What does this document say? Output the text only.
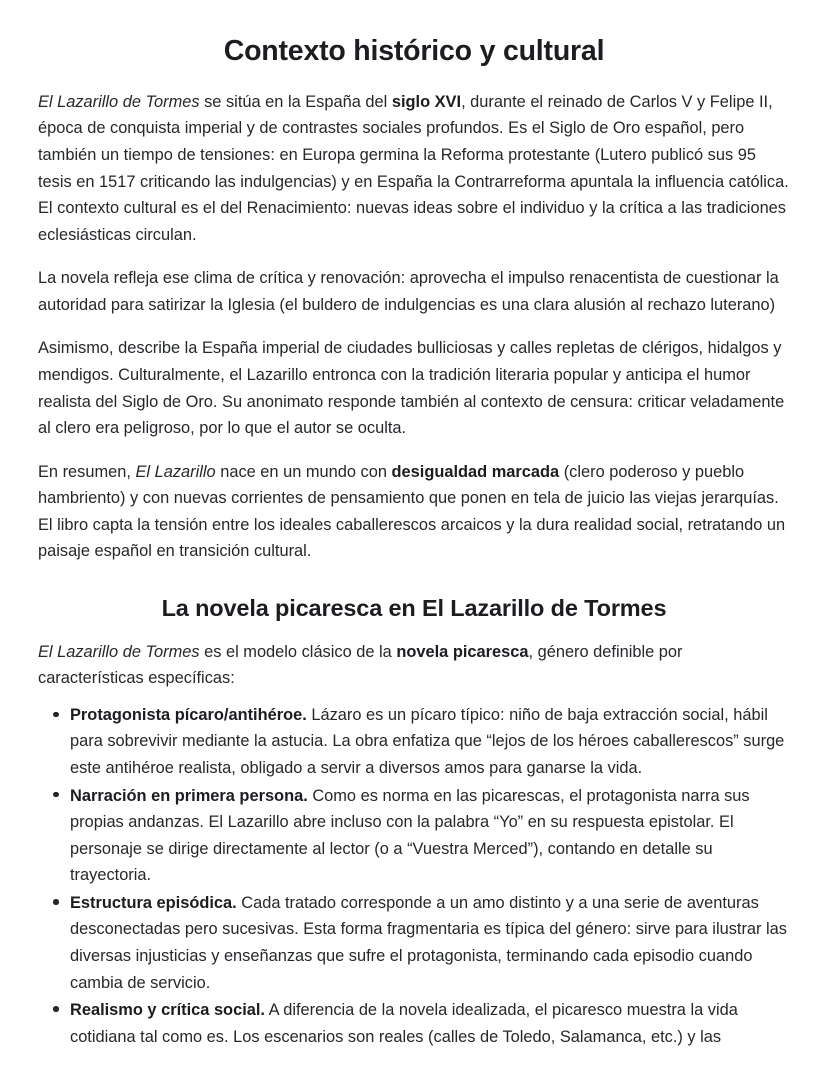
Contexto histórico y cultural

El Lazarillo de Tormes se sitúa en la España del siglo XVI, durante el reinado de Carlos V y Felipe II, época de conquista imperial y de contrastes sociales profundos. Es el Siglo de Oro español, pero también un tiempo de tensiones: en Europa germina la Reforma protestante (Lutero publicó sus 95 tesis en 1517 criticando las indulgencias) y en España la Contrarreforma apuntala la influencia católica. El contexto cultural es el del Renacimiento: nuevas ideas sobre el individuo y la crítica a las tradiciones eclesiásticas circulan.

La novela refleja ese clima de crítica y renovación: aprovecha el impulso renacentista de cuestionar la autoridad para satirizar la Iglesia (el buldero de indulgencias es una clara alusión al rechazo luterano)

Asimismo, describe la España imperial de ciudades bulliciosas y calles repletas de clérigos, hidalgos y mendigos. Culturalmente, el Lazarillo entronca con la tradición literaria popular y anticipa el humor realista del Siglo de Oro. Su anonimato responde también al contexto de censura: criticar veladamente al clero era peligroso, por lo que el autor se oculta.

En resumen, El Lazarillo nace en un mundo con desigualdad marcada (clero poderoso y pueblo hambriento) y con nuevas corrientes de pensamiento que ponen en tela de juicio las viejas jerarquías. El libro capta la tensión entre los ideales caballerescos arcaicos y la dura realidad social, retratando un paisaje español en transición cultural.

La novela picaresca en El Lazarillo de Tormes

El Lazarillo de Tormes es el modelo clásico de la novela picaresca, género definible por características específicas:

Protagonista pícaro/antihéroe. Lázaro es un pícaro típico: niño de baja extracción social, hábil para sobrevivir mediante la astucia. La obra enfatiza que “lejos de los héroes caballerescos” surge este antihéroe realista, obligado a servir a diversos amos para ganarse la vida.
Narración en primera persona. Como es norma en las picarescas, el protagonista narra sus propias andanzas. El Lazarillo abre incluso con la palabra “Yo” en su respuesta epistolar. El personaje se dirige directamente al lector (o a “Vuestra Merced”), contando en detalle su trayectoria.
Estructura episódica. Cada tratado corresponde a un amo distinto y a una serie de aventuras desconectadas pero sucesivas. Esta forma fragmentaria es típica del género: sirve para ilustrar las diversas injusticias y enseñanzas que sufre el protagonista, terminando cada episodio cuando cambia de servicio.
Realismo y crítica social. A diferencia de la novela idealizada, el picaresco muestra la vida cotidiana tal como es. Los escenarios son reales (calles de Toledo, Salamanca, etc.) y las
